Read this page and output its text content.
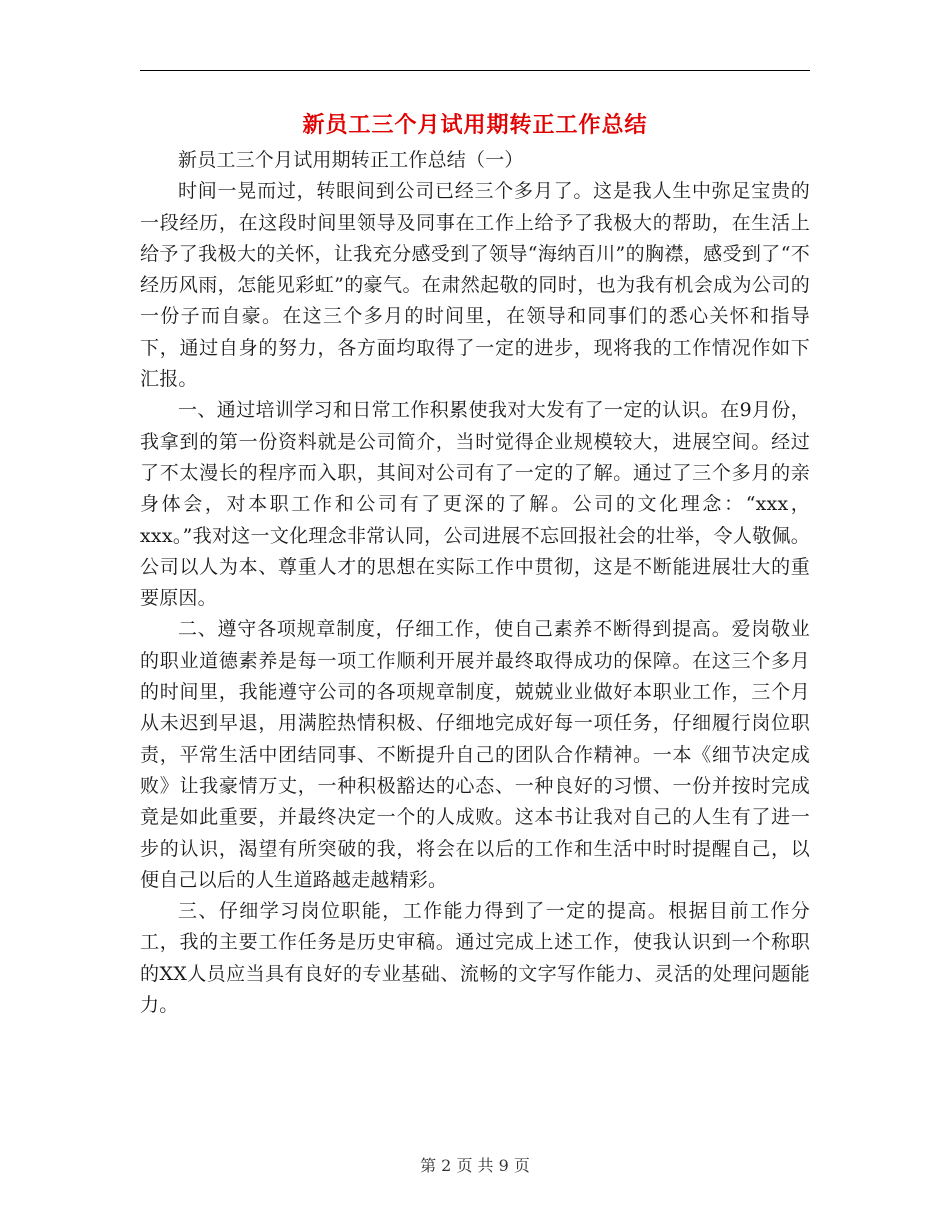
新员工三个月试用期转正工作总结

新员工三个月试用期转正工作总结（一）

时间一晃而过，转眼间到公司已经三个多月了。这是我人生中弥足宝贵的一段经历，在这段时间里领导及同事在工作上给予了我极大的帮助，在生活上给予了我极大的关怀，让我充分感受到了领导“海纳百川”的胸襟，感受到了“不经历风雨，怎能见彩虹”的豪气。在肃然起敬的同时，也为我有机会成为公司的一份子而自豪。在这三个多月的时间里，在领导和同事们的悉心关怀和指导下，通过自身的努力，各方面均取得了一定的进步，现将我的工作情况作如下汇报。

一、通过培训学习和日常工作积累使我对大发有了一定的认识。在9月份，我拿到的第一份资料就是公司简介，当时觉得企业规模较大，进展空间。经过了不太漫长的程序而入职，其间对公司有了一定的了解。通过了三个多月的亲身体会，对本职工作和公司有了更深的了解。公司的文化理念：“xxx，xxx。”我对这一文化理念非常认同，公司进展不忘回报社会的壮举，令人敬佩。公司以人为本、尊重人才的思想在实际工作中贯彻，这是不断能进展壮大的重要原因。

二、遵守各项规章制度，仔细工作，使自己素养不断得到提高。爱岗敬业的职业道德素养是每一项工作顺利开展并最终取得成功的保障。在这三个多月的时间里，我能遵守公司的各项规章制度，兢兢业业做好本职业工作，三个月从未迟到早退，用满腔热情积极、仔细地完成好每一项任务，仔细履行岗位职责，平常生活中团结同事、不断提升自己的团队合作精神。一本《细节决定成败》让我豪情万丈，一种积极豁达的心态、一种良好的习惯、一份并按时完成竟是如此重要，并最终决定一个的人成败。这本书让我对自己的人生有了进一步的认识，渴望有所突破的我，将会在以后的工作和生活中时时提醒自己，以便自己以后的人生道路越走越精彩。

三、仔细学习岗位职能，工作能力得到了一定的提高。根据目前工作分工，我的主要工作任务是历史审稿。通过完成上述工作，使我认识到一个称职的XX人员应当具有良好的专业基础、流畅的文字写作能力、灵活的处理问题能力。

第 2 页 共 9 页
